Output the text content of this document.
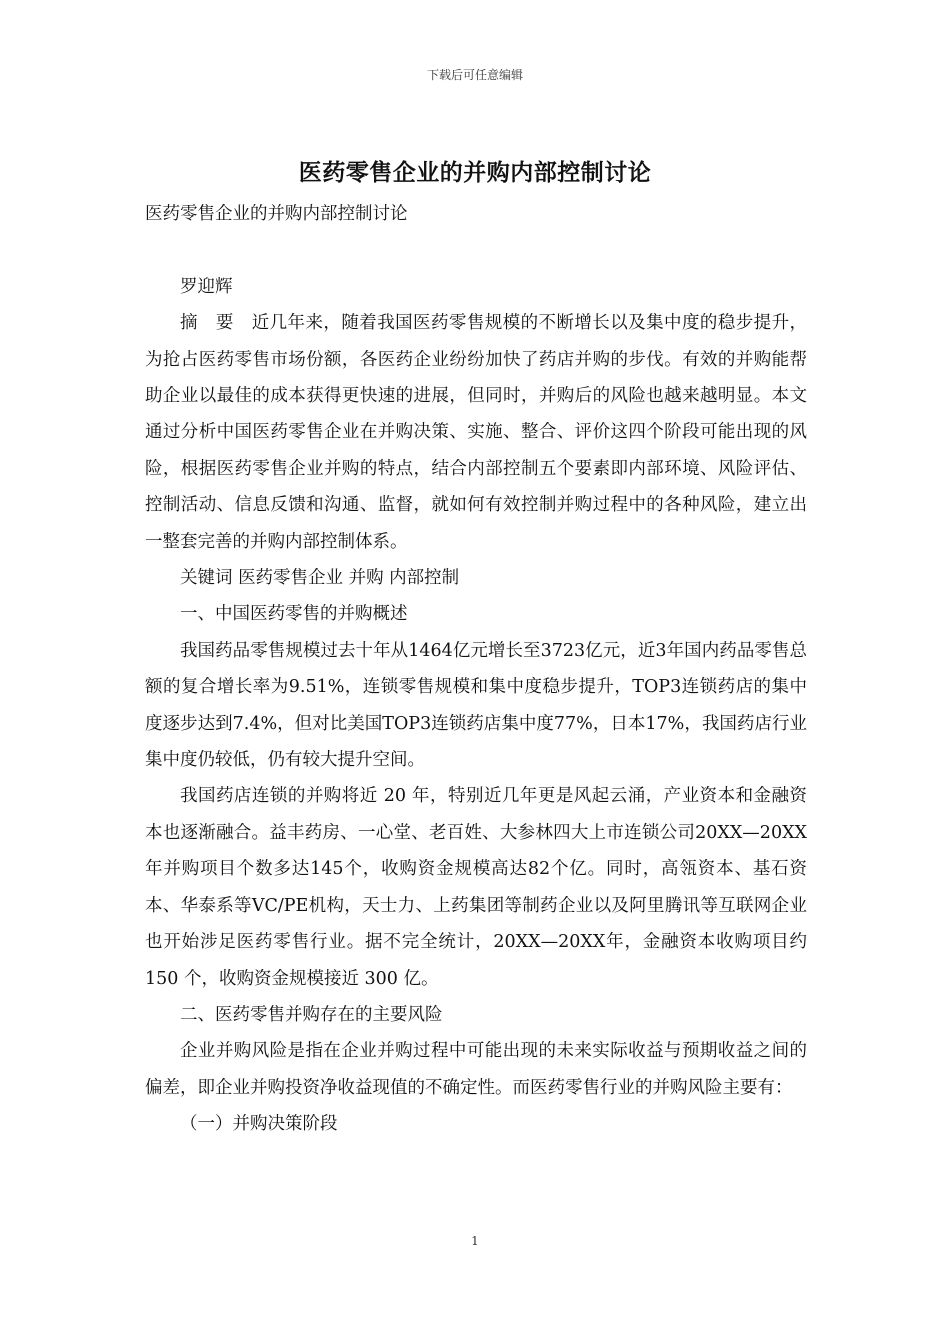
下载后可任意编辑
医药零售企业的并购内部控制讨论

医药零售企业的并购内部控制讨论

罗迎辉

摘　要　近几年来，随着我国医药零售规模的不断增长以及集中度的稳步提升，为抢占医药零售市场份额，各医药企业纷纷加快了药店并购的步伐。有效的并购能帮助企业以最佳的成本获得更快速的进展，但同时，并购后的风险也越来越明显。本文通过分析中国医药零售企业在并购决策、实施、整合、评价这四个阶段可能出现的风险，根据医药零售企业并购的特点，结合内部控制五个要素即内部环境、风险评估、控制活动、信息反馈和沟通、监督，就如何有效控制并购过程中的各种风险，建立出一整套完善的并购内部控制体系。

关键词 医药零售企业 并购 内部控制

一、中国医药零售的并购概述

我国药品零售规模过去十年从1464亿元增长至3723亿元，近3年国内药品零售总额的复合增长率为9.51%，连锁零售规模和集中度稳步提升，TOP3连锁药店的集中度逐步达到7.4%，但对比美国TOP3连锁药店集中度77%，日本17%，我国药店行业集中度仍较低，仍有较大提升空间。

我国药店连锁的并购将近 20 年，特别近几年更是风起云涌，产业资本和金融资本也逐渐融合。益丰药房、一心堂、老百姓、大参林四大上市连锁公司20XX—20XX年并购项目个数多达145个，收购资金规模高达82个亿。同时，高瓴资本、基石资本、华泰系等VC/PE机构，天士力、上药集团等制药企业以及阿里腾讯等互联网企业也开始涉足医药零售行业。据不完全统计，20XX—20XX年，金融资本收购项目约 150 个，收购资金规模接近 300 亿。

二、医药零售并购存在的主要风险

企业并购风险是指在企业并购过程中可能出现的未来实际收益与预期收益之间的偏差，即企业并购投资净收益现值的不确定性。而医药零售行业的并购风险主要有：

（一）并购决策阶段

1
